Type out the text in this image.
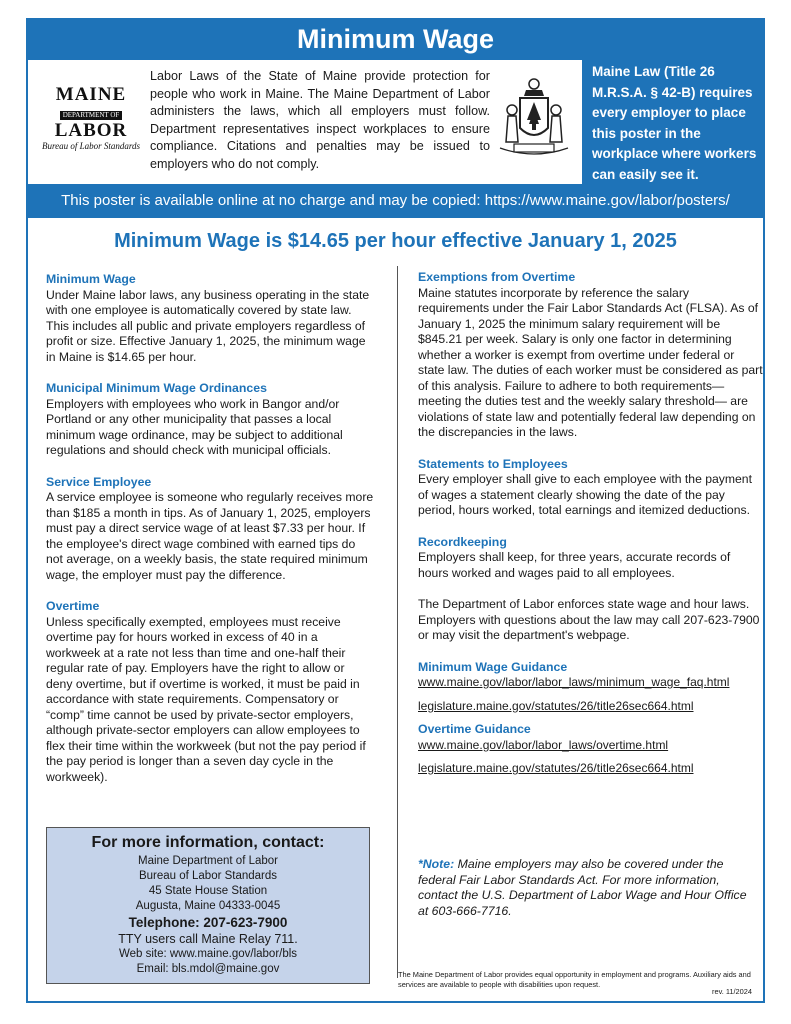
Minimum Wage
MAINE
DEPARTMENT OF
LABOR
Bureau of Labor Standards
Labor Laws of the State of Maine provide protection for people who work in Maine. The Maine Department of Labor administers the laws, which all employers must follow. Department representatives inspect workplaces to ensure compliance. Citations and penalties may be issued to employers who do not comply.
Maine Law (Title 26 M.R.S.A. § 42-B) requires every employer to place this poster in the workplace where workers can easily see it.
This poster is available online at no charge and may be copied: https://www.maine.gov/labor/posters/
Minimum Wage is $14.65 per hour effective January 1, 2025
Minimum Wage
Under Maine labor laws, any business operating in the state with one employee is automatically covered by state law. This includes all public and private employers regardless of profit or size. Effective January 1, 2025, the minimum wage in Maine is $14.65 per hour.
Municipal Minimum Wage Ordinances
Employers with employees who work in Bangor and/or Portland or any other municipality that passes a local minimum wage ordinance, may be subject to additional regulations and should check with municipal officials.
Service Employee
A service employee is someone who regularly receives more than $185 a month in tips. As of January 1, 2025, employers must pay a direct service wage of at least $7.33 per hour. If the employee's direct wage combined with earned tips do not average, on a weekly basis, the state required minimum wage, the employer must pay the difference.
Overtime
Unless specifically exempted, employees must receive overtime pay for hours worked in excess of 40 in a workweek at a rate not less than time and one-half their regular rate of pay. Employers have the right to allow or deny overtime, but if overtime is worked, it must be paid in accordance with state requirements. Compensatory or “comp” time cannot be used by private-sector employers, although private-sector employers can allow employees to flex their time within the workweek (but not the pay period if the pay period is longer than a seven day cycle in the workweek).
Exemptions from Overtime
Maine statutes incorporate by reference the salary requirements under the Fair Labor Standards Act (FLSA). As of January 1, 2025 the minimum salary requirement will be $845.21 per week. Salary is only one factor in determining whether a worker is exempt from overtime under federal or state law. The duties of each worker must be considered as part of this analysis. Failure to adhere to both requirements—meeting the duties test and the weekly salary threshold— are violations of state law and potentially federal law depending on the discrepancies in the laws.
Statements to Employees
Every employer shall give to each employee with the payment of wages a statement clearly showing the date of the pay period, hours worked, total earnings and itemized deductions.
Recordkeeping
Employers shall keep, for three years, accurate records of hours worked and wages paid to all employees.
The Department of Labor enforces state wage and hour laws. Employers with questions about the law may call 207-623-7900 or may visit the department's webpage.
Minimum Wage Guidance
www.maine.gov/labor/labor_laws/minimum_wage_faq.html
legislature.maine.gov/statutes/26/title26sec664.html
Overtime Guidance
www.maine.gov/labor/labor_laws/overtime.html
legislature.maine.gov/statutes/26/title26sec664.html
For more information, contact:
Maine Department of Labor
Bureau of Labor Standards
45 State House Station
Augusta, Maine 04333-0045
Telephone: 207-623-7900
TTY users call Maine Relay 711.
Web site: www.maine.gov/labor/bls
Email: bls.mdol@maine.gov
*Note: Maine employers may also be covered under the federal Fair Labor Standards Act. For more information, contact the U.S. Department of Labor Wage and Hour Office at 603-666-7716.
The Maine Department of Labor provides equal opportunity in employment and programs. Auxiliary aids and services are available to people with disabilities upon request.
rev. 11/2024
